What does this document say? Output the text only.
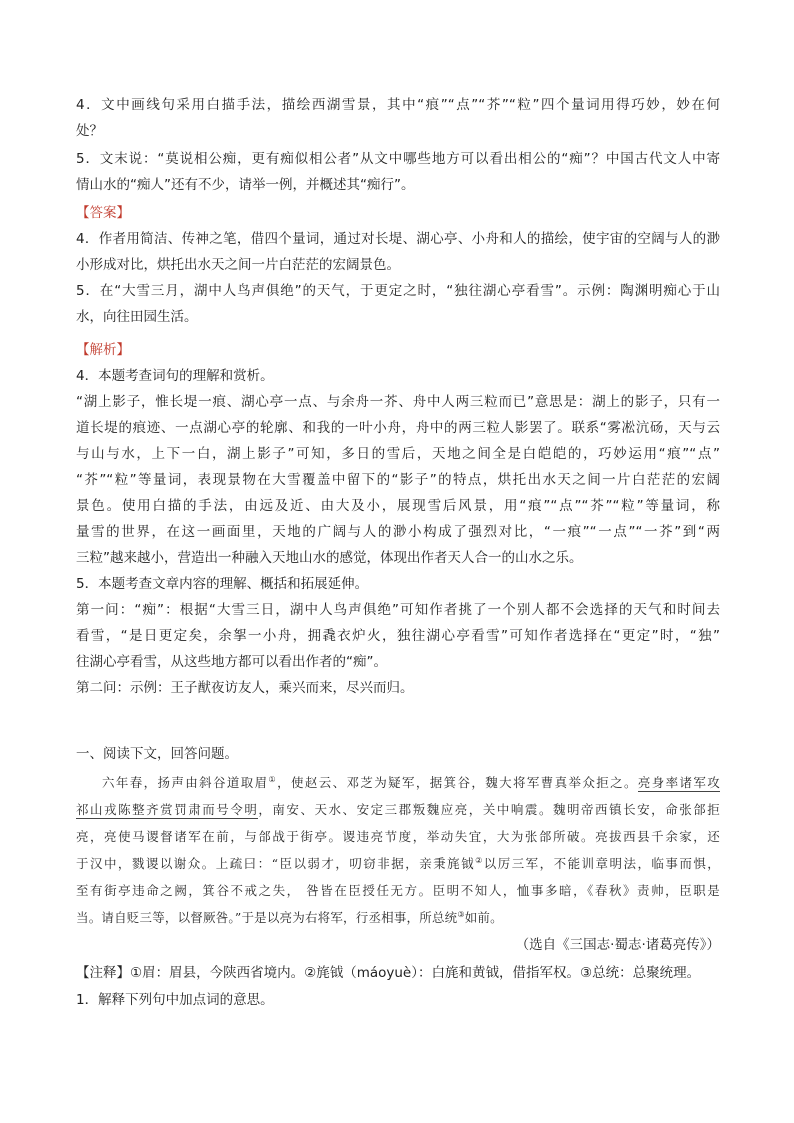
4．文中画线句采用白描手法，描绘西湖雪景，其中“痕”“点”“芥”“粒”四个量词用得巧妙，妙在何
处？
5．文末说：“莫说相公痴，更有痴似相公者”从文中哪些地方可以看出相公的“痴”？中国古代文人中寄
情山水的“痴人”还有不少，请举一例，并概述其“痴行”。
【答案】
4．作者用简洁、传神之笔，借四个量词，通过对长堤、湖心亭、小舟和人的描绘，使宇宙的空阔与人的渺
小形成对比，烘托出水天之间一片白茫茫的宏阔景色。
5．在“大雪三月，湖中人鸟声俱绝”的天气，于更定之时，“独往湖心亭看雪”。示例：陶渊明痴心于山
水，向往田园生活。
【解析】
4．本题考查词句的理解和赏析。
“湖上影子，惟长堤一痕、湖心亭一点、与余舟一芥、舟中人两三粒而已”意思是：湖上的影子，只有一
道长堤的痕迹、一点湖心亭的轮廓、和我的一叶小舟，舟中的两三粒人影罢了。联系“雾凇沆砀，天与云
与山与水，上下一白，湖上影子”可知，多日的雪后，天地之间全是白皑皑的，巧妙运用“痕”“点”
“芥”“粒”等量词，表现景物在大雪覆盖中留下的“影子”的特点，烘托出水天之间一片白茫茫的宏阔
景色。使用白描的手法，由远及近、由大及小，展现雪后风景，用“痕”“点”“芥”“粒”等量词，称
量雪的世界，在这一画面里，天地的广阔与人的渺小构成了强烈对比，“一痕”“一点”“一芥”到“两
三粒”越来越小，营造出一种融入天地山水的感觉，体现出作者天人合一的山水之乐。
5．本题考查文章内容的理解、概括和拓展延伸。
第一问：“痴”：根据“大雪三日，湖中人鸟声俱绝”可知作者挑了一个别人都不会选择的天气和时间去
看雪，“是日更定矣，余挐一小舟，拥毳衣炉火，独往湖心亭看雪”可知作者选择在“更定”时，“独”
往湖心亭看雪，从这些地方都可以看出作者的“痴”。
第二问：示例：王子猷夜访友人，乘兴而来，尽兴而归。
一、阅读下文，回答问题。
六年春，扬声由斜谷道取眉①，使赵云、邓芝为疑军，据箕谷，魏大将军曹真举众拒之。亮身率诸军攻
祁山戎陈整齐赏罚肃而号令明，南安、天水、安定三郡叛魏应亮，关中响震。魏明帝西镇长安，命张郃拒
亮，亮使马谡督诸军在前，与郃战于街亭。谡违亮节度，举动失宜，大为张郃所破。亮拔西县千余家，还
于汉中，戮谡以谢众。上疏曰：“臣以弱才，叨窃非据，亲秉旄钺②以厉三军，不能训章明法，临事而惧，
至有街亭违命之阙，箕谷不戒之失， 咎皆在臣授任无方。臣明不知人，恤事多暗，《春秋》责帅，臣职是
当。请自贬三等，以督厥咎。”于是以亮为右将军，行丞相事，所总统③如前。
（选自《三国志·蜀志·诸葛亮传》）
【注释】①眉：眉县，今陕西省境内。②旄钺（máoyuè）：白旄和黄钺，借指军权。③总统：总聚统理。
1．解释下列句中加点词的意思。
